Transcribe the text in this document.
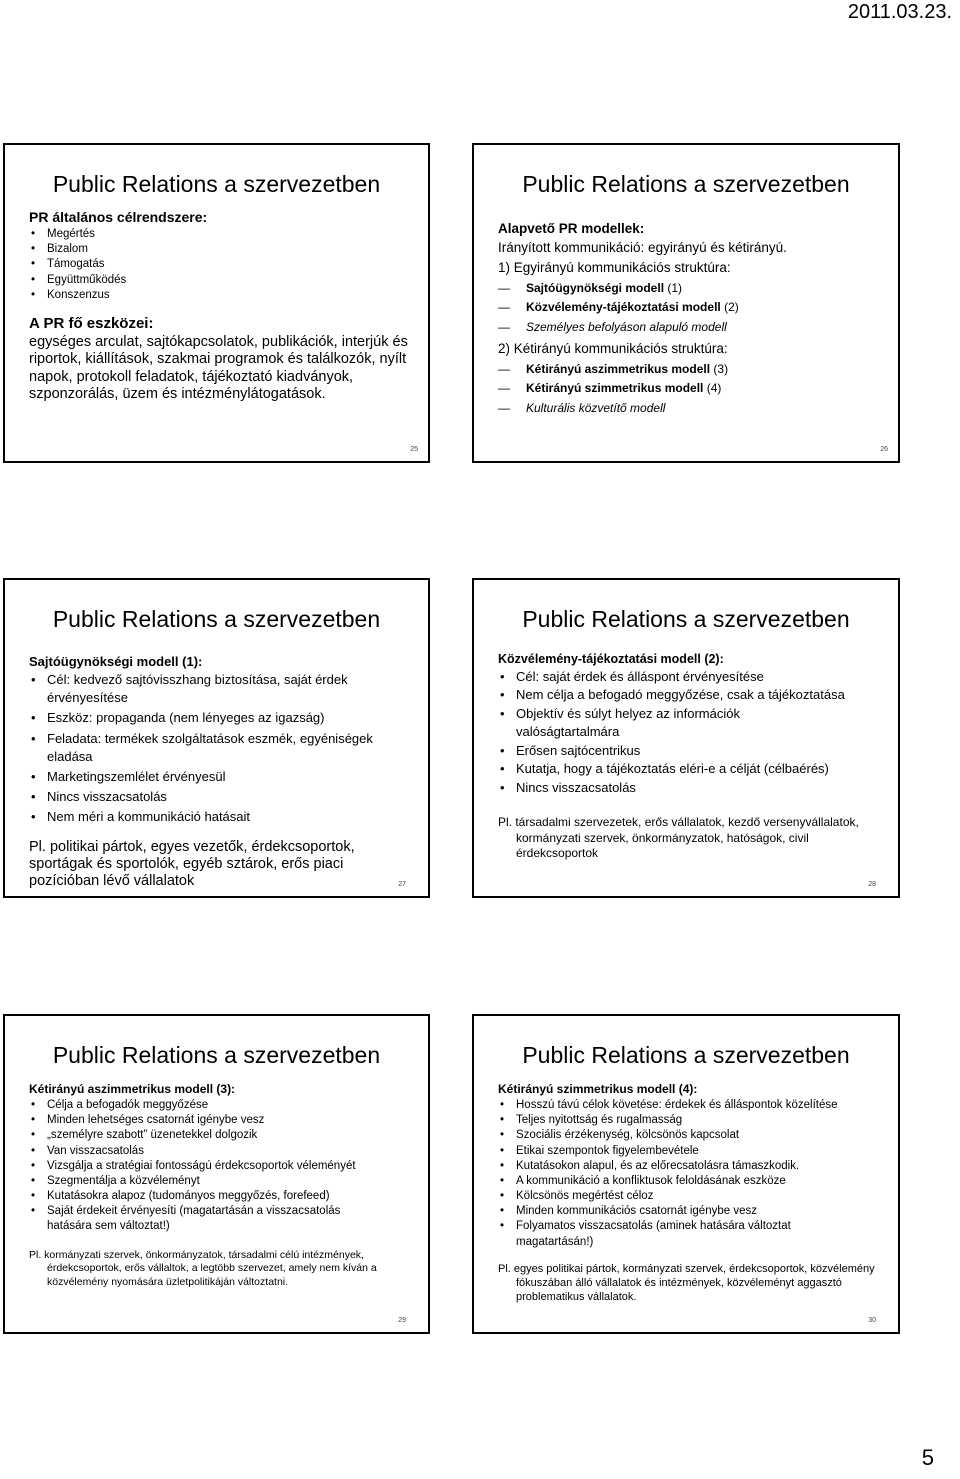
2011.03.23.
Public Relations a szervezetben
PR általános célrendszere:
• Megértés
• Bizalom
• Támogatás
• Együttműködés
• Konszenzus
A PR fő eszközei:
egységes arculat, sajtókapcsolatok, publikációk, interjúk és riportok, kiállítások, szakmai programok és találkozók, nyílt napok, protokoll feladatok, tájékoztató kiadványok, szponzorálás, üzem és intézménylátogatások.
25
Public Relations a szervezetben
Alapvető PR modellek:
Irányított kommunikáció: egyirányú és kétirányú.
1) Egyirányú kommunikációs struktúra:
— Sajtóügynökségi modell (1)
— Közvélemény-tájékoztatási modell (2)
— Személyes befolyáson alapuló modell
2) Kétirányú kommunikációs struktúra:
— Kétirányú aszimmetrikus modell (3)
— Kétirányú szimmetrikus modell (4)
— Kulturális közvetítő modell
26
Public Relations a szervezetben
Sajtóügynökségi modell (1):
• Cél: kedvező sajtóvisszhang biztosítása, saját érdek érvényesítése
• Eszköz: propaganda (nem lényeges az igazság)
• Feladata: termékek szolgáltatások eszmék, egyéniségek eladása
• Marketingszemlélet érvényesül
• Nincs visszacsatolás
• Nem méri a kommunikáció hatásait
Pl. politikai pártok, egyes vezetők, érdekcsoportok, sportágak és sportolók, egyéb sztárok, erős piaci pozícióban lévő vállalatok	27
Public Relations a szervezetben
Közvélemény-tájékoztatási modell (2):
• Cél: saját érdek és álláspont érvényesítése
• Nem célja a befogadó meggyőzése, csak a tájékoztatása
• Objektív és súlyt helyez az információk valóságtartalmára
• Erősen sajtócentrikus
• Kutatja, hogy a tájékoztatás eléri-e a célját (célbaérés)
• Nincs visszacsatolás
Pl. társadalmi szervezetek, erős vállalatok, kezdő versenyvállalatok, kormányzati szervek, önkormányzatok, hatóságok, civil érdekcsoportok
28
Public Relations a szervezetben
Kétirányú aszimmetrikus modell (3):
• Célja a befogadók meggyőzése
• Minden lehetséges csatornát igénybe vesz
• „személyre szabott” üzenetekkel dolgozik
• Van visszacsatolás
• Vizsgálja a stratégiai fontosságú érdekcsoportok véleményét
• Szegmentálja a közvéleményt
• Kutatásokra alapoz (tudományos meggyőzés, forefeed)
• Saját érdekeit érvényesíti (magatartásán a visszacsatolás hatására sem változtat!)
Pl. kormányzati szervek, önkormányzatok, társadalmi célú intézmények, érdekcsoportok, erős vállaltok, a legtöbb szervezet, amely nem kíván a közvélemény nyomására üzletpolitikáján változtatni.
29
Public Relations a szervezetben
Kétirányú szimmetrikus modell (4):
• Hosszú távú célok követése: érdekek és álláspontok közelítése
• Teljes nyitottság és rugalmasság
• Szociális érzékenység, kölcsönös kapcsolat
• Etikai szempontok figyelembevétele
• Kutatásokon alapul, és az előrecsatolásra támaszkodik.
• A kommunikáció a konfliktusok feloldásának eszköze
• Kölcsönös megértést céloz
• Minden kommunikációs csatornát igénybe vesz
• Folyamatos visszacsatolás (aminek hatására változtat magatartásán!)
Pl. egyes politikai pártok, kormányzati szervek, érdekcsoportok, közvélemény fókuszában álló vállalatok és intézmények, közvéleményt aggasztó problematikus vállalatok.
30
5
